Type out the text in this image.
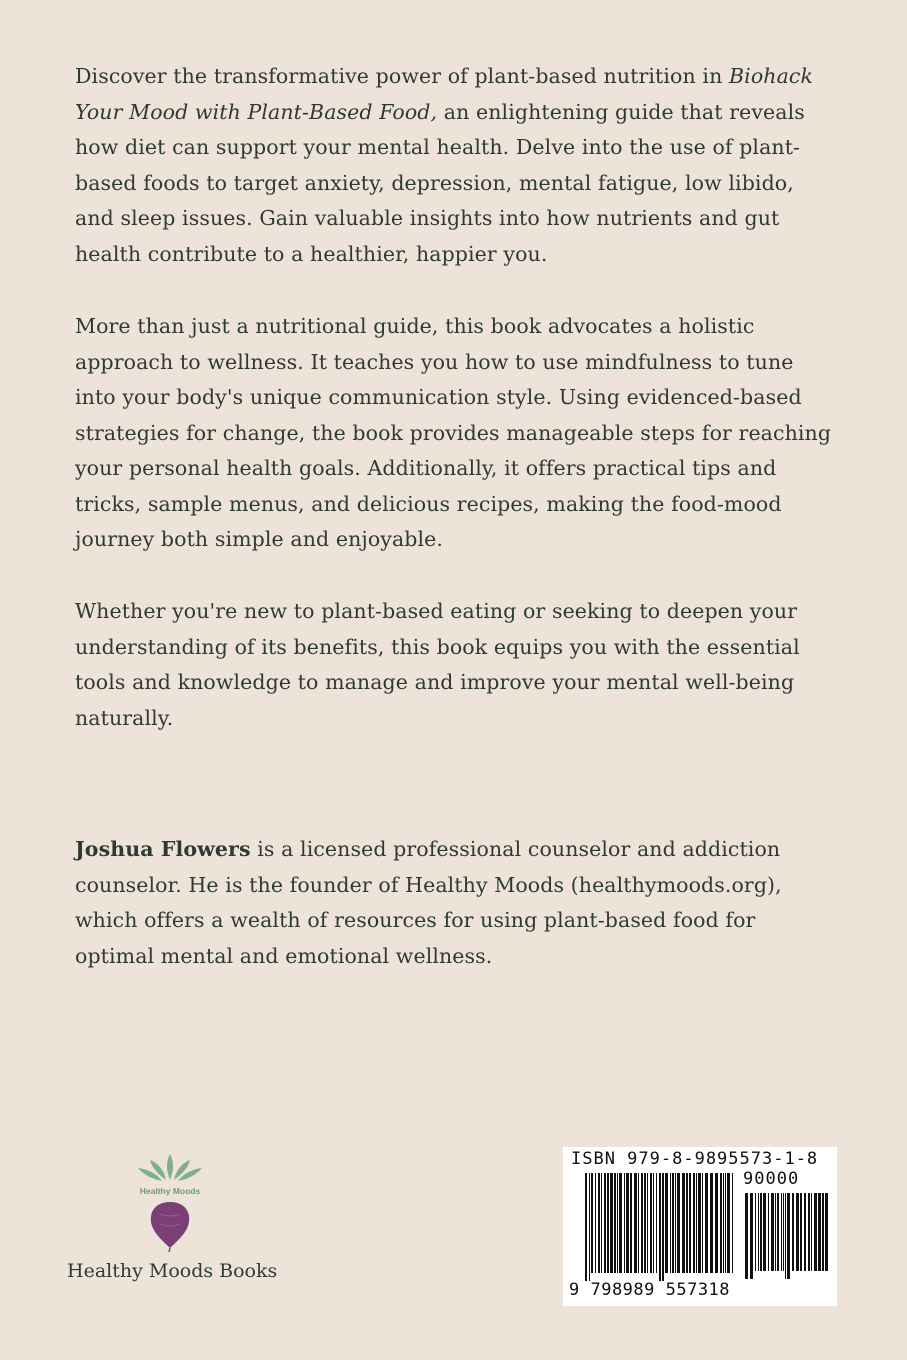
Discover the transformative power of plant-based nutrition in Biohack Your Mood with Plant-Based Food, an enlightening guide that reveals how diet can support your mental health. Delve into the use of plant-based foods to target anxiety, depression, mental fatigue, low libido, and sleep issues. Gain valuable insights into how nutrients and gut health contribute to a healthier, happier you.

More than just a nutritional guide, this book advocates a holistic approach to wellness. It teaches you how to use mindfulness to tune into your body's unique communication style. Using evidenced-based strategies for change, the book provides manageable steps for reaching your personal health goals. Additionally, it offers practical tips and tricks, sample menus, and delicious recipes, making the food-mood journey both simple and enjoyable.

Whether you're new to plant-based eating or seeking to deepen your understanding of its benefits, this book equips you with the essential tools and knowledge to manage and improve your mental well-being naturally.

Joshua Flowers is a licensed professional counselor and addiction counselor. He is the founder of Healthy Moods (healthymoods.org), which offers a wealth of resources for using plant-based food for optimal mental and emotional wellness.

Healthy Moods
Healthy Moods Books
ISBN 979-8-9895573-1-8
90000
9 798989 557318
